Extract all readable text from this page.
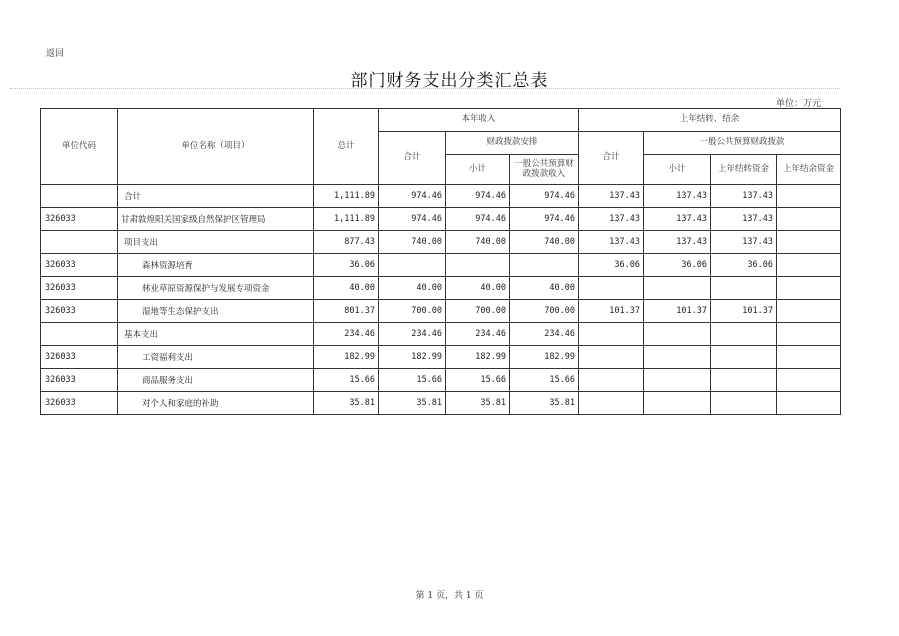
返回
部门财务支出分类汇总表
单位：万元
单位代码	单位名称（项目）	总计	本年收入			上年结转、结余			
			合计	财政拨款安排		合计	一般公共预算财政拨款		
				小计	一般公共预算财政拨款收入		小计	上年结转资金	上年结余资金
	合计	1,111.89	974.46	974.46	974.46	137.43	137.43	137.43	
326033	甘肃敦煌阳关国家级自然保护区管理局	1,111.89	974.46	974.46	974.46	137.43	137.43	137.43	
	项目支出	877.43	740.00	740.00	740.00	137.43	137.43	137.43	
326033	森林资源培育	36.06				36.06	36.06	36.06	
326033	林业草原资源保护与发展专项资金	40.00	40.00	40.00	40.00				
326033	湿地等生态保护支出	801.37	700.00	700.00	700.00	101.37	101.37	101.37	
	基本支出	234.46	234.46	234.46	234.46				
326033	工资福利支出	182.99	182.99	182.99	182.99				
326033	商品服务支出	15.66	15.66	15.66	15.66				
326033	对个人和家庭的补助	35.81	35.81	35.81	35.81				
第 1 页，共 1 页
